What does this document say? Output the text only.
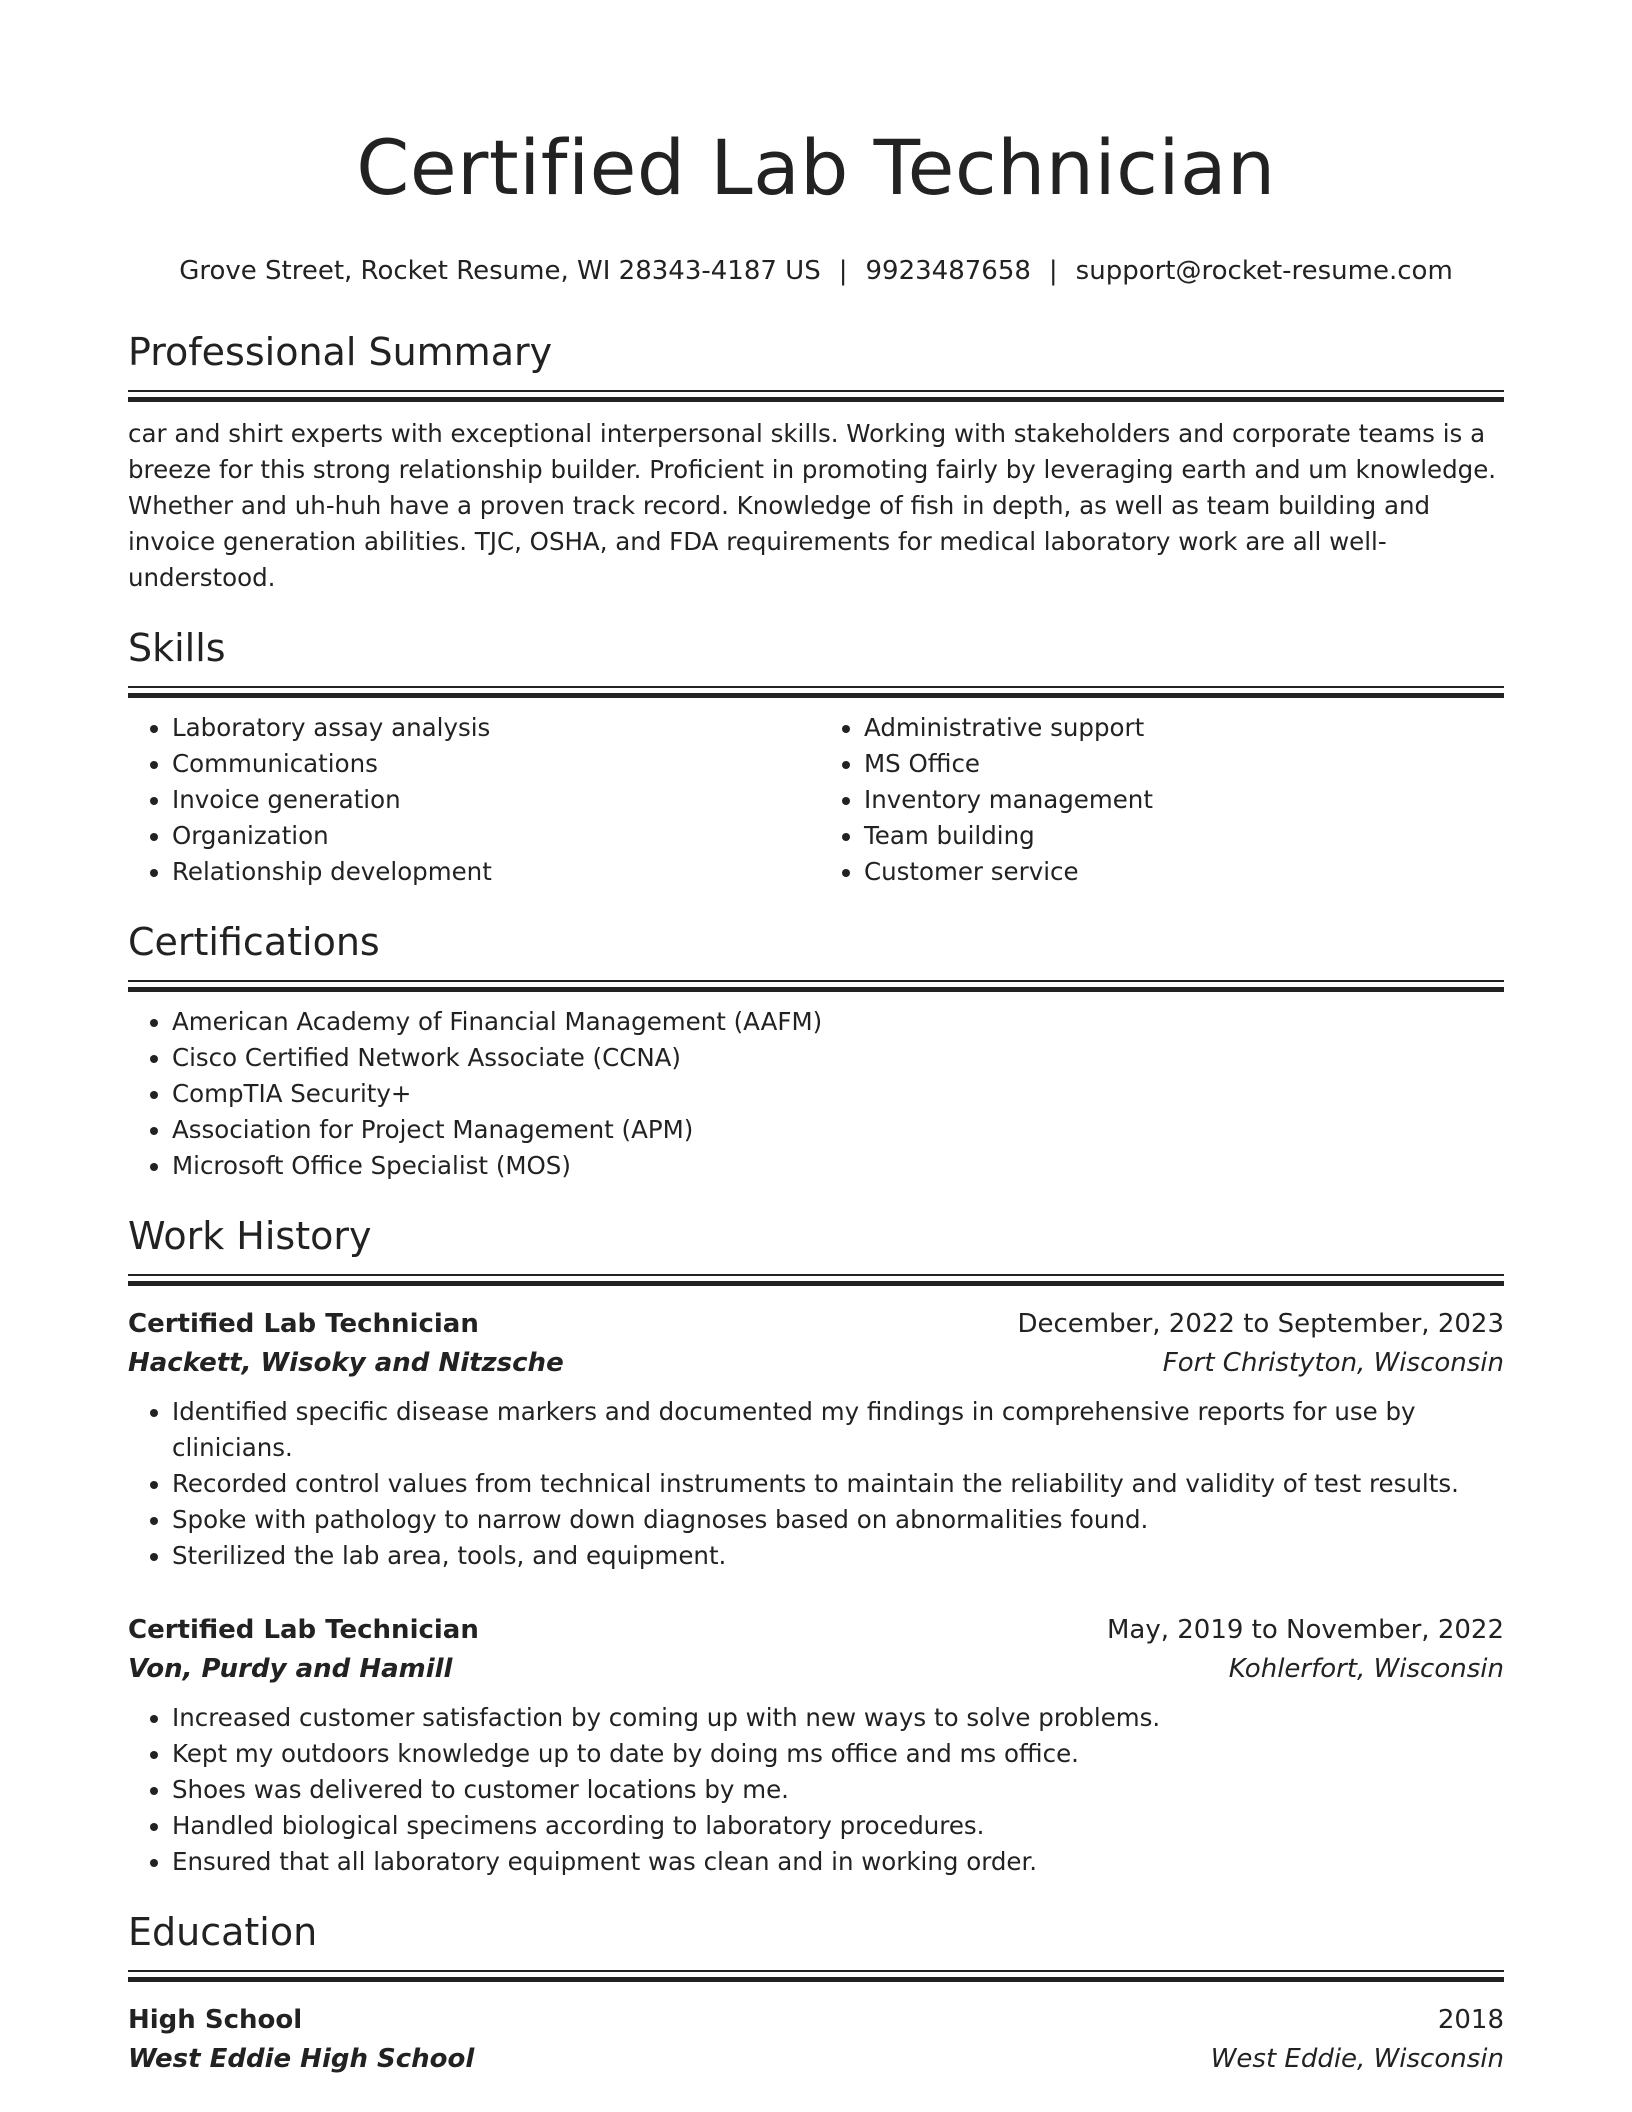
Certified Lab Technician
Grove Street, Rocket Resume, WI 28343-4187 US | 9923487658 | support@rocket-resume.com
Professional Summary

car and shirt experts with exceptional interpersonal skills. Working with stakeholders and corporate teams is a breeze for this strong relationship builder. Proficient in promoting fairly by leveraging earth and um knowledge. Whether and uh-huh have a proven track record. Knowledge of fish in depth, as well as team building and invoice generation abilities. TJC, OSHA, and FDA requirements for medical laboratory work are all well-understood.

Skills
• Laboratory assay analysis
• Communications
• Invoice generation
• Organization
• Relationship development
• Administrative support
• MS Office
• Inventory management
• Team building
• Customer service
Certifications
• American Academy of Financial Management (AAFM)
• Cisco Certified Network Associate (CCNA)
• CompTIA Security+
• Association for Project Management (APM)
• Microsoft Office Specialist (MOS)
Work History
Certified Lab Technician	December, 2022 to September, 2023
Hackett, Wisoky and Nitzsche	Fort Christyton, Wisconsin
• Identified specific disease markers and documented my findings in comprehensive reports for use by clinicians.
• Recorded control values from technical instruments to maintain the reliability and validity of test results.
• Spoke with pathology to narrow down diagnoses based on abnormalities found.
• Sterilized the lab area, tools, and equipment.
Certified Lab Technician	May, 2019 to November, 2022
Von, Purdy and Hamill	Kohlerfort, Wisconsin
• Increased customer satisfaction by coming up with new ways to solve problems.
• Kept my outdoors knowledge up to date by doing ms office and ms office.
• Shoes was delivered to customer locations by me.
• Handled biological specimens according to laboratory procedures.
• Ensured that all laboratory equipment was clean and in working order.
Education
High School	2018
West Eddie High School	West Eddie, Wisconsin
